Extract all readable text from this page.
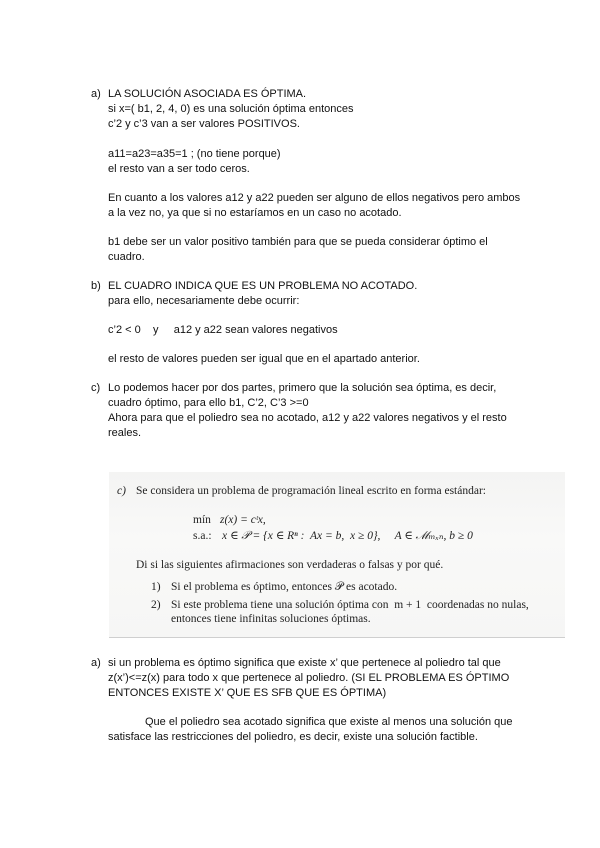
a) LA SOLUCIÓN ASOCIADA ES ÓPTIMA.
si x=( b1, 2, 4, 0) es una solución óptima entonces
c’2 y c’3 van a ser valores POSITIVOS.
a11=a23=a35=1 ; (no tiene porque)
el resto van a ser todo ceros.
En cuanto a los valores a12 y a22 pueden ser alguno de ellos negativos pero ambos
a la vez no, ya que si no estaríamos en un caso no acotado.
b1 debe ser un valor positivo también para que se pueda considerar óptimo el
cuadro.
b) EL CUADRO INDICA QUE ES UN PROBLEMA NO ACOTADO.
para ello, necesariamente debe ocurrir:
c’2 < 0    y     a12 y a22 sean valores negativos
el resto de valores pueden ser igual que en el apartado anterior.
c) Lo podemos hacer por dos partes, primero que la solución sea óptima, es decir,
cuadro óptimo, para ello b1, C’2, C’3 >=0
Ahora para que el poliedro sea no acotado, a12 y a22 valores negativos y el resto
reales.
c) Se considera un problema de programación lineal escrito en forma estándar:
mín z(x) = cᵗx,
s.a.: x ∈ 𝒫 = {x ∈ Rⁿ :  Ax = b,  x ≥ 0},     A ∈ ℳₘₓₙ, b ≥ 0
Di si las siguientes afirmaciones son verdaderas o falsas y por qué.
1) Si el problema es óptimo, entonces 𝒫 es acotado.
2) Si este problema tiene una solución óptima con  m + 1  coordenadas no nulas,
entonces tiene infinitas soluciones óptimas.
a) si un problema es óptimo significa que existe x’ que pertenece al poliedro tal que
z(x’)<=z(x) para todo x que pertenece al poliedro. (SI EL PROBLEMA ES ÓPTIMO
ENTONCES EXISTE X’ QUE ES SFB QUE ES ÓPTIMA)
Que el poliedro sea acotado significa que existe al menos una solución que
satisface las restricciones del poliedro, es decir, existe una solución factible.
